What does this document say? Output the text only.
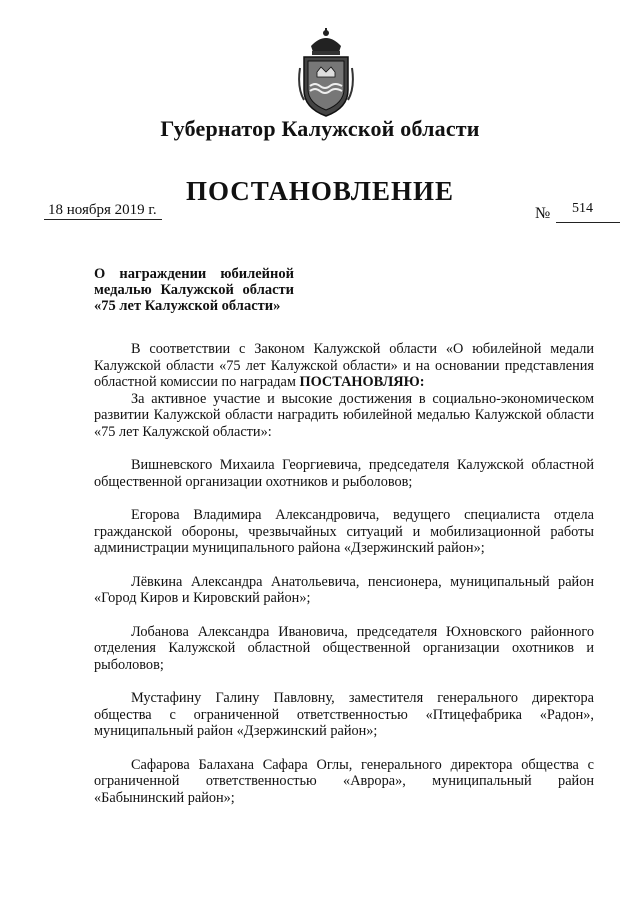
Губернатор Калужской области
ПОСТАНОВЛЕНИЕ
18 ноября 2019 г.	№ 514
О награждении юбилейной медалью Калужской области «75 лет Калужской области»

В соответствии с Законом Калужской области «О юбилейной медали Калужской области «75 лет Калужской области» и на основании представления областной комиссии по наградам ПОСТАНОВЛЯЮ:

За активное участие и высокие достижения в социально-экономическом развитии Калужской области наградить юбилейной медалью Калужской области «75 лет Калужской области»:

Вишневского Михаила Георгиевича, председателя Калужской областной общественной организации охотников и рыболовов;

Егорова Владимира Александровича, ведущего специалиста отдела гражданской обороны, чрезвычайных ситуаций и мобилизационной работы администрации муниципального района «Дзержинский район»;

Лёвкина Александра Анатольевича, пенсионера, муниципальный район «Город Киров и Кировский район»;

Лобанова Александра Ивановича, председателя Юхновского районного отделения Калужской областной общественной организации охотников и рыболовов;

Мустафину Галину Павловну, заместителя генерального директора общества с ограниченной ответственностью «Птицефабрика «Радон», муниципальный район «Дзержинский район»;

Сафарова Балахана Сафара Оглы, генерального директора общества с ограниченной ответственностью «Аврора», муниципальный район «Бабынинский район»;
